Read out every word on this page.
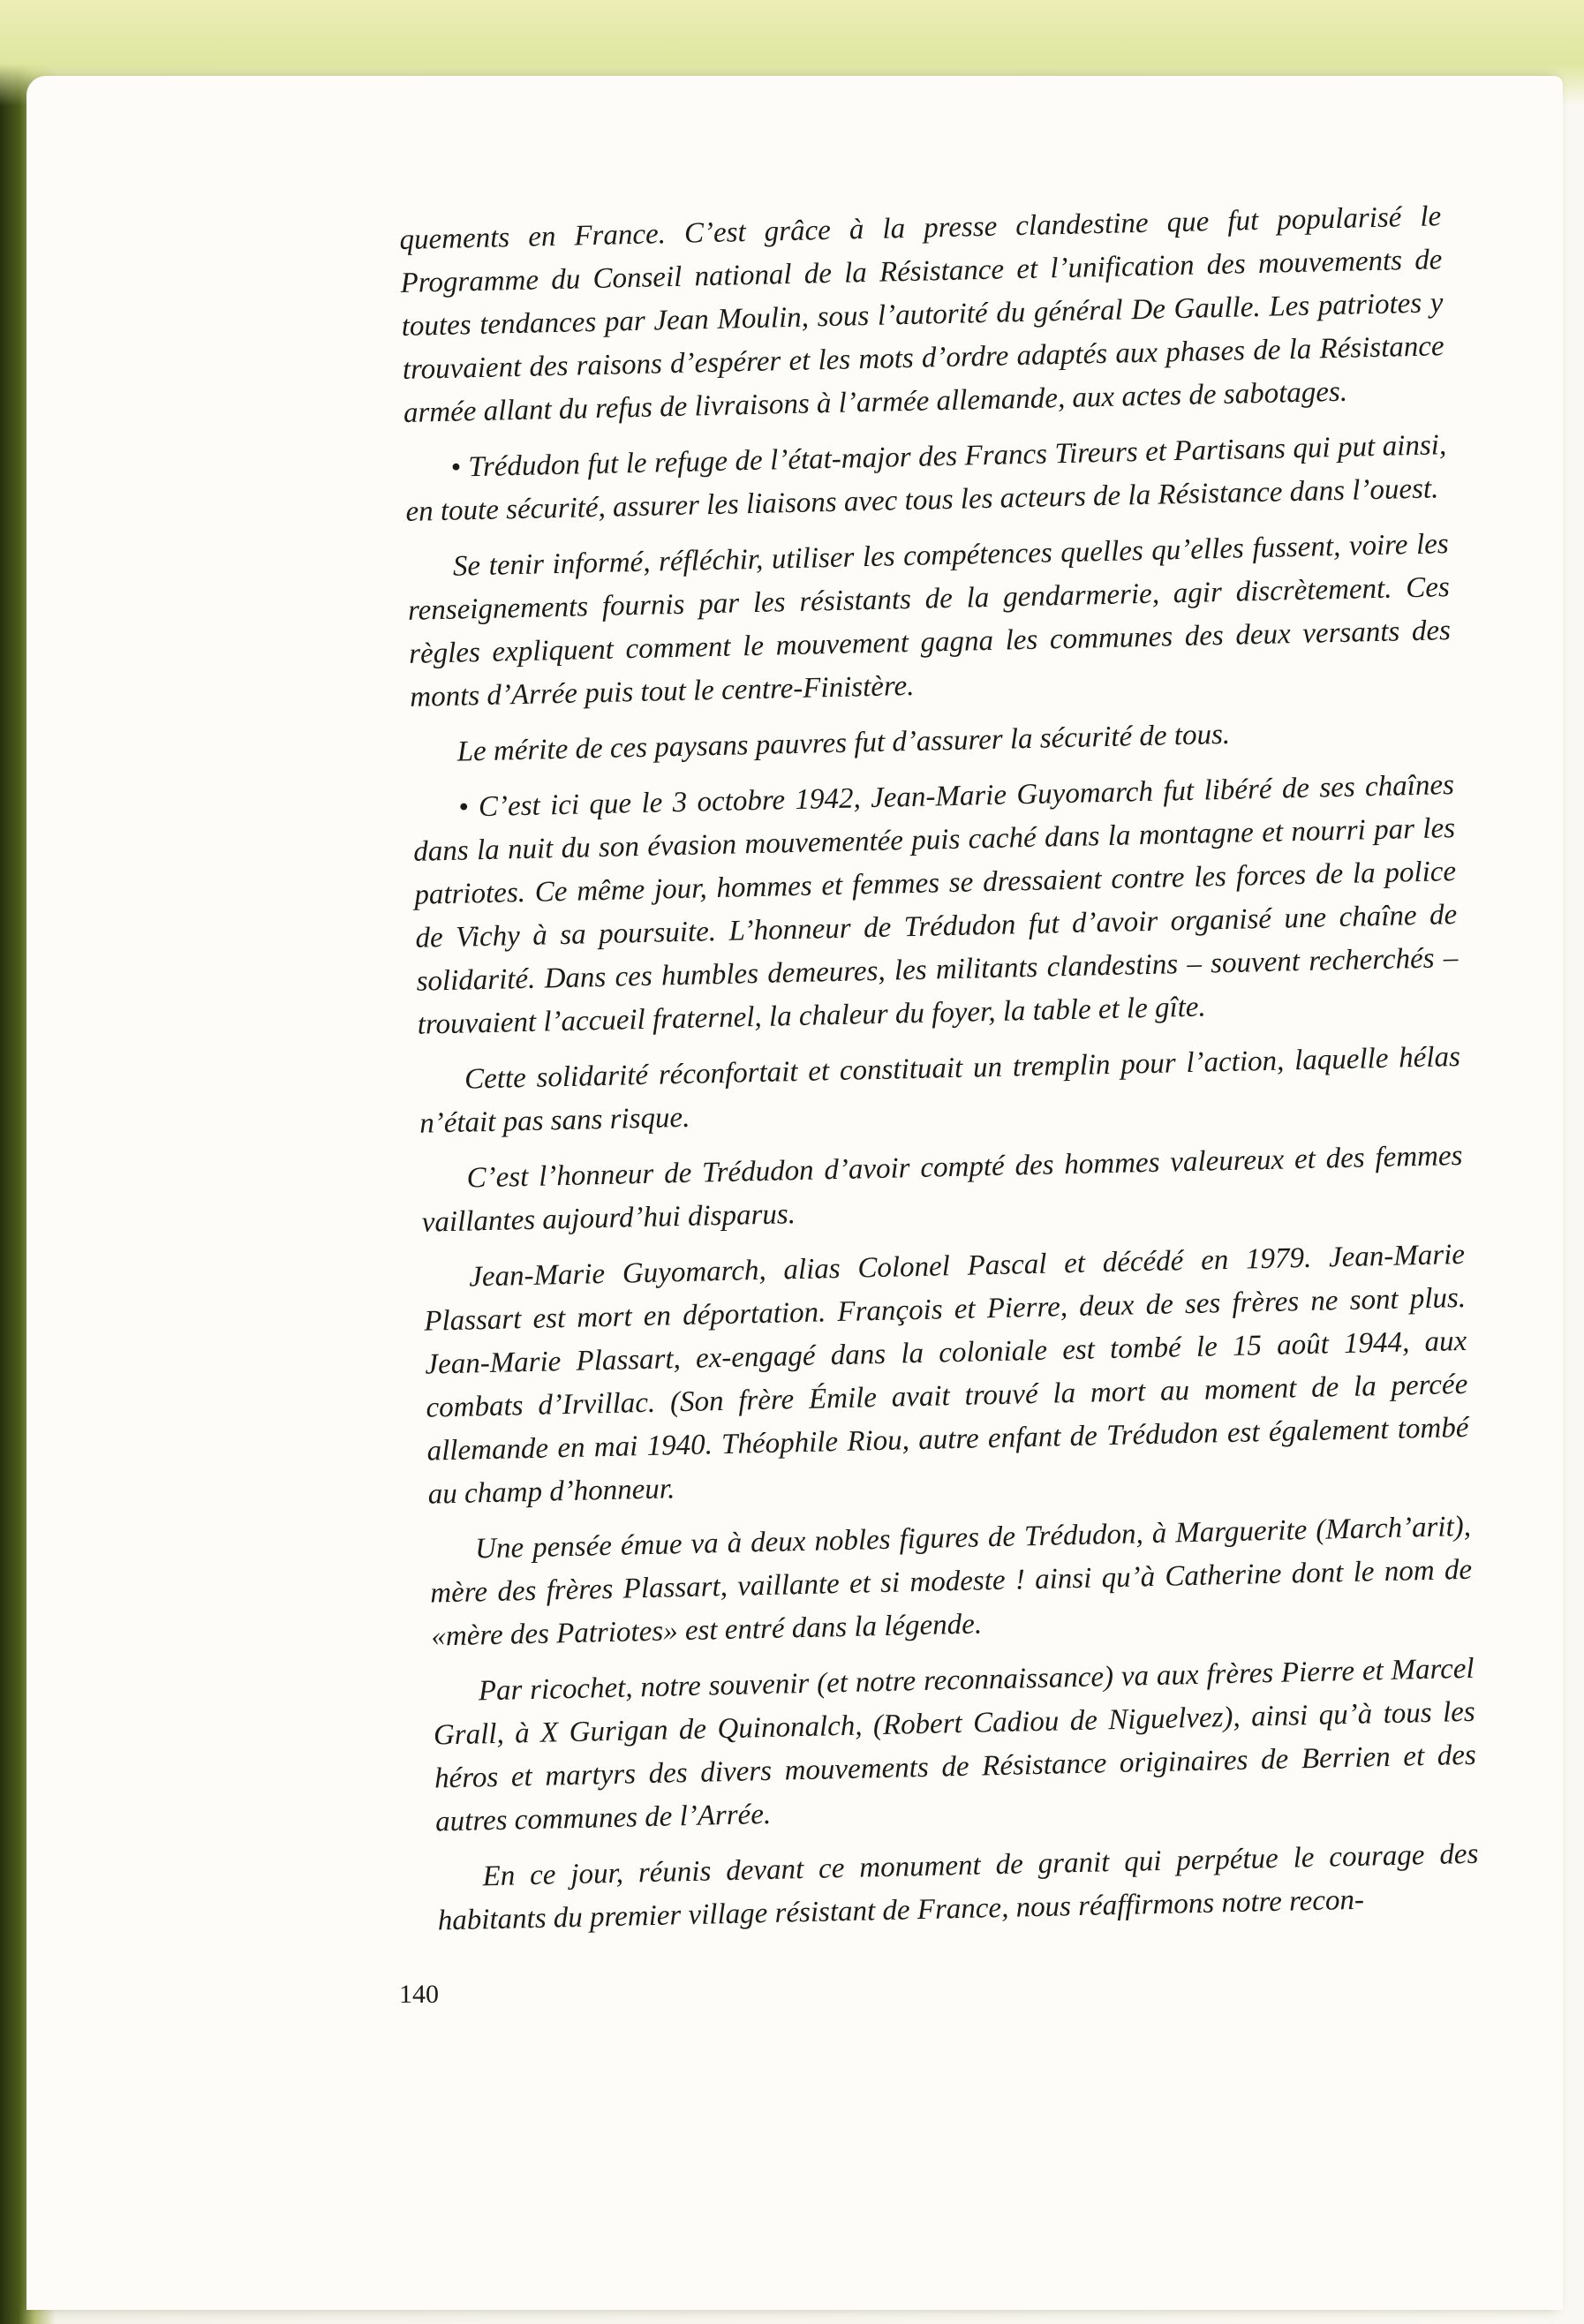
quements en France. C’est grâce à la presse clandestine que fut popularisé le Programme du Conseil national de la Résistance et l’unification des mouvements de toutes tendances par Jean Moulin, sous l’autorité du général De Gaulle. Les patriotes y trouvaient des raisons d’espérer et les mots d’ordre adaptés aux phases de la Résistance armée allant du refus de livraisons à l’armée allemande, aux actes de sabotages.

• Trédudon fut le refuge de l’état-major des Francs Tireurs et Partisans qui put ainsi, en toute sécurité, assurer les liaisons avec tous les acteurs de la Résistance dans l’ouest.

Se tenir informé, réfléchir, utiliser les compétences quelles qu’elles fussent, voire les renseignements fournis par les résistants de la gendarmerie, agir discrètement. Ces règles expliquent comment le mouvement gagna les communes des deux versants des monts d’Arrée puis tout le centre-Finistère.

Le mérite de ces paysans pauvres fut d’assurer la sécurité de tous.

• C’est ici que le 3 octobre 1942, Jean-Marie Guyomarch fut libéré de ses chaînes dans la nuit du son évasion mouvementée puis caché dans la montagne et nourri par les patriotes. Ce même jour, hommes et femmes se dressaient contre les forces de la police de Vichy à sa poursuite. L’honneur de Trédudon fut d’avoir organisé une chaîne de solidarité. Dans ces humbles demeures, les militants clandestins – souvent recherchés – trouvaient l’accueil fraternel, la chaleur du foyer, la table et le gîte.

Cette solidarité réconfortait et constituait un tremplin pour l’action, laquelle hélas n’était pas sans risque.

C’est l’honneur de Trédudon d’avoir compté des hommes valeureux et des femmes vaillantes aujourd’hui disparus.

Jean-Marie Guyomarch, alias Colonel Pascal et décédé en 1979. Jean-Marie Plassart est mort en déportation. François et Pierre, deux de ses frères ne sont plus. Jean-Marie Plassart, ex-engagé dans la coloniale est tombé le 15 août 1944, aux combats d’Irvillac. (Son frère Émile avait trouvé la mort au moment de la percée allemande en mai 1940. Théophile Riou, autre enfant de Trédudon est également tombé au champ d’honneur.

Une pensée émue va à deux nobles figures de Trédudon, à Marguerite (March’arit), mère des frères Plassart, vaillante et si modeste ! ainsi qu’à Catherine dont le nom de «mère des Patriotes» est entré dans la légende.

Par ricochet, notre souvenir (et notre reconnaissance) va aux frères Pierre et Marcel Grall, à X Gurigan de Quinonalch, (Robert Cadiou de Niguelvez), ainsi qu’à tous les héros et martyrs des divers mouvements de Résistance originaires de Berrien et des autres communes de l’Arrée.

En ce jour, réunis devant ce monument de granit qui perpétue le courage des habitants du premier village résistant de France, nous réaffirmons notre recon-

140
